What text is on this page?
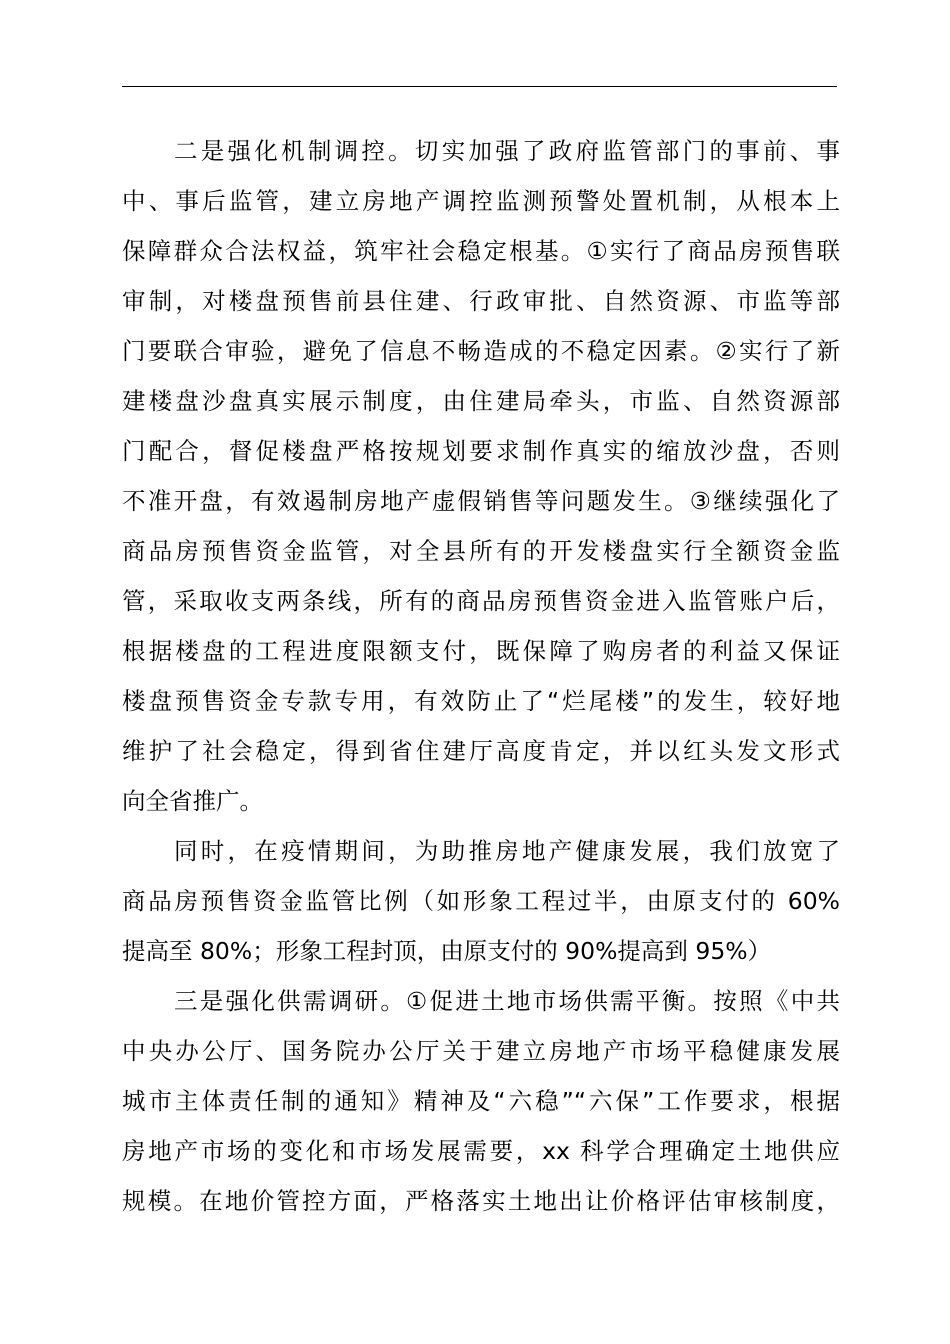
二是强化机制调控。切实加强了政府监管部门的事前、事
中、事后监管，建立房地产调控监测预警处置机制，从根本上
保障群众合法权益，筑牢社会稳定根基。①实行了商品房预售联
审制，对楼盘预售前县住建、行政审批、自然资源、市监等部
门要联合审验，避免了信息不畅造成的不稳定因素。②实行了新
建楼盘沙盘真实展示制度，由住建局牵头，市监、自然资源部
门配合，督促楼盘严格按规划要求制作真实的缩放沙盘，否则
不准开盘，有效遏制房地产虚假销售等问题发生。③继续强化了
商品房预售资金监管，对全县所有的开发楼盘实行全额资金监
管，采取收支两条线，所有的商品房预售资金进入监管账户后，
根据楼盘的工程进度限额支付，既保障了购房者的利益又保证
楼盘预售资金专款专用，有效防止了“烂尾楼”的发生，较好地
维护了社会稳定，得到省住建厅高度肯定，并以红头发文形式
向全省推广。
同时，在疫情期间，为助推房地产健康发展，我们放宽了
商品房预售资金监管比例（如形象工程过半，由原支付的 60%
提高至 80%；形象工程封顶，由原支付的 90%提高到 95%）
三是强化供需调研。①促进土地市场供需平衡。按照《中共
中央办公厅、国务院办公厅关于建立房地产市场平稳健康发展
城市主体责任制的通知》精神及“六稳”“六保”工作要求，根据
房地产市场的变化和市场发展需要，xx 科学合理确定土地供应
规模。在地价管控方面，严格落实土地出让价格评估审核制度，
